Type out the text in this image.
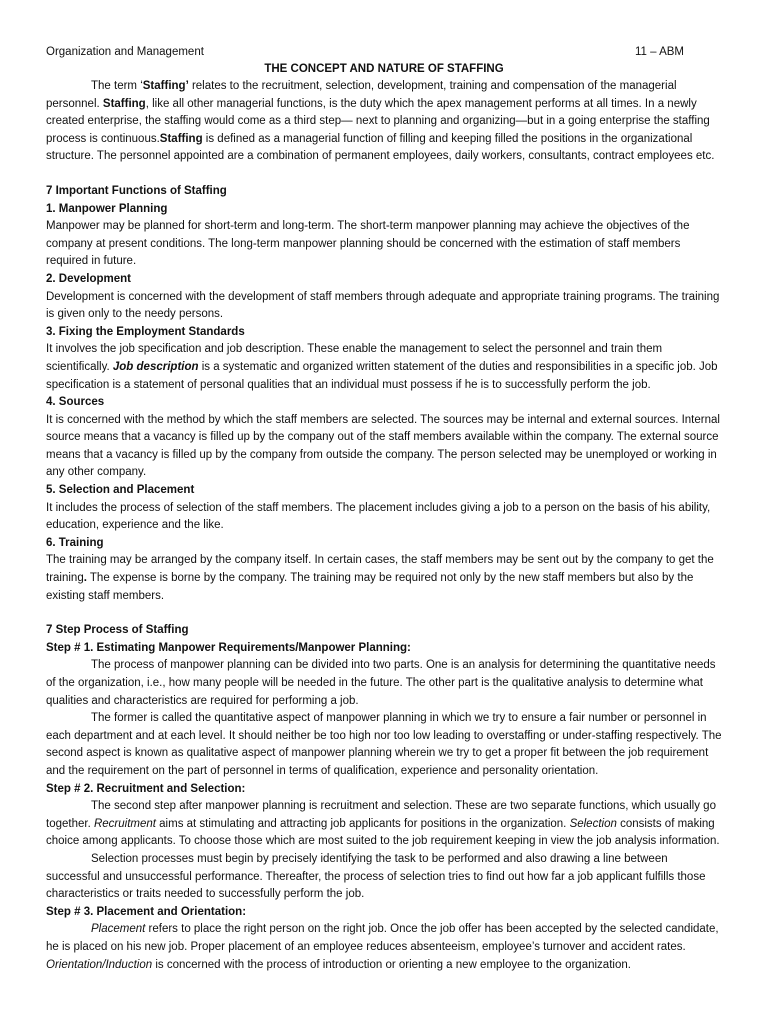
Organization and Management	11 – ABM
THE CONCEPT AND NATURE OF STAFFING

The term ‘Staffing’ relates to the recruitment, selection, development, training and compensation of the managerial personnel. Staffing, like all other managerial functions, is the duty which the apex management performs at all times. In a newly created enterprise, the staffing would come as a third step— next to planning and organizing—but in a going enterprise the staffing process is continuous.Staffing is defined as a managerial function of filling and keeping filled the positions in the organizational structure. The personnel appointed are a combination of permanent employees, daily workers, consultants, contract employees etc.

7 Important Functions of Staffing
1. Manpower Planning

Manpower may be planned for short-term and long-term. The short-term manpower planning may achieve the objectives of the company at present conditions. The long-term manpower planning should be concerned with the estimation of staff members required in future.

2. Development

Development is concerned with the development of staff members through adequate and appropriate training programs. The training is given only to the needy persons.

3. Fixing the Employment Standards

It involves the job specification and job description. These enable the management to select the personnel and train them scientifically. Job description is a systematic and organized written statement of the duties and responsibilities in a specific job. Job specification is a statement of personal qualities that an individual must possess if he is to successfully perform the job.

4. Sources

It is concerned with the method by which the staff members are selected. The sources may be internal and external sources. Internal source means that a vacancy is filled up by the company out of the staff members available within the company. The external source means that a vacancy is filled up by the company from outside the company. The person selected may be unemployed or working in any other company.

5. Selection and Placement

It includes the process of selection of the staff members. The placement includes giving a job to a person on the basis of his ability, education, experience and the like.

6. Training

The training may be arranged by the company itself. In certain cases, the staff members may be sent out by the company to get the training. The expense is borne by the company. The training may be required not only by the new staff members but also by the existing staff members.

7 Step Process of Staffing
Step # 1. Estimating Manpower Requirements/Manpower Planning:

The process of manpower planning can be divided into two parts. One is an analysis for determining the quantitative needs of the organization, i.e., how many people will be needed in the future. The other part is the qualitative analysis to determine what qualities and characteristics are required for performing a job.

The former is called the quantitative aspect of manpower planning in which we try to ensure a fair number or personnel in each department and at each level. It should neither be too high nor too low leading to overstaffing or under-staffing respectively. The second aspect is known as qualitative aspect of manpower planning wherein we try to get a proper fit between the job requirement and the requirement on the part of personnel in terms of qualification, experience and personality orientation.

Step # 2. Recruitment and Selection:

The second step after manpower planning is recruitment and selection. These are two separate functions, which usually go together. Recruitment aims at stimulating and attracting job applicants for positions in the organization. Selection consists of making choice among applicants. To choose those which are most suited to the job requirement keeping in view the job analysis information.

Selection processes must begin by precisely identifying the task to be performed and also drawing a line between successful and unsuccessful performance. Thereafter, the process of selection tries to find out how far a job applicant fulfills those characteristics or traits needed to successfully perform the job.

Step # 3. Placement and Orientation:

Placement refers to place the right person on the right job. Once the job offer has been accepted by the selected candidate, he is placed on his new job. Proper placement of an employee reduces absenteeism, employee’s turnover and accident rates.

Orientation/Induction is concerned with the process of introduction or orienting a new employee to the organization.
